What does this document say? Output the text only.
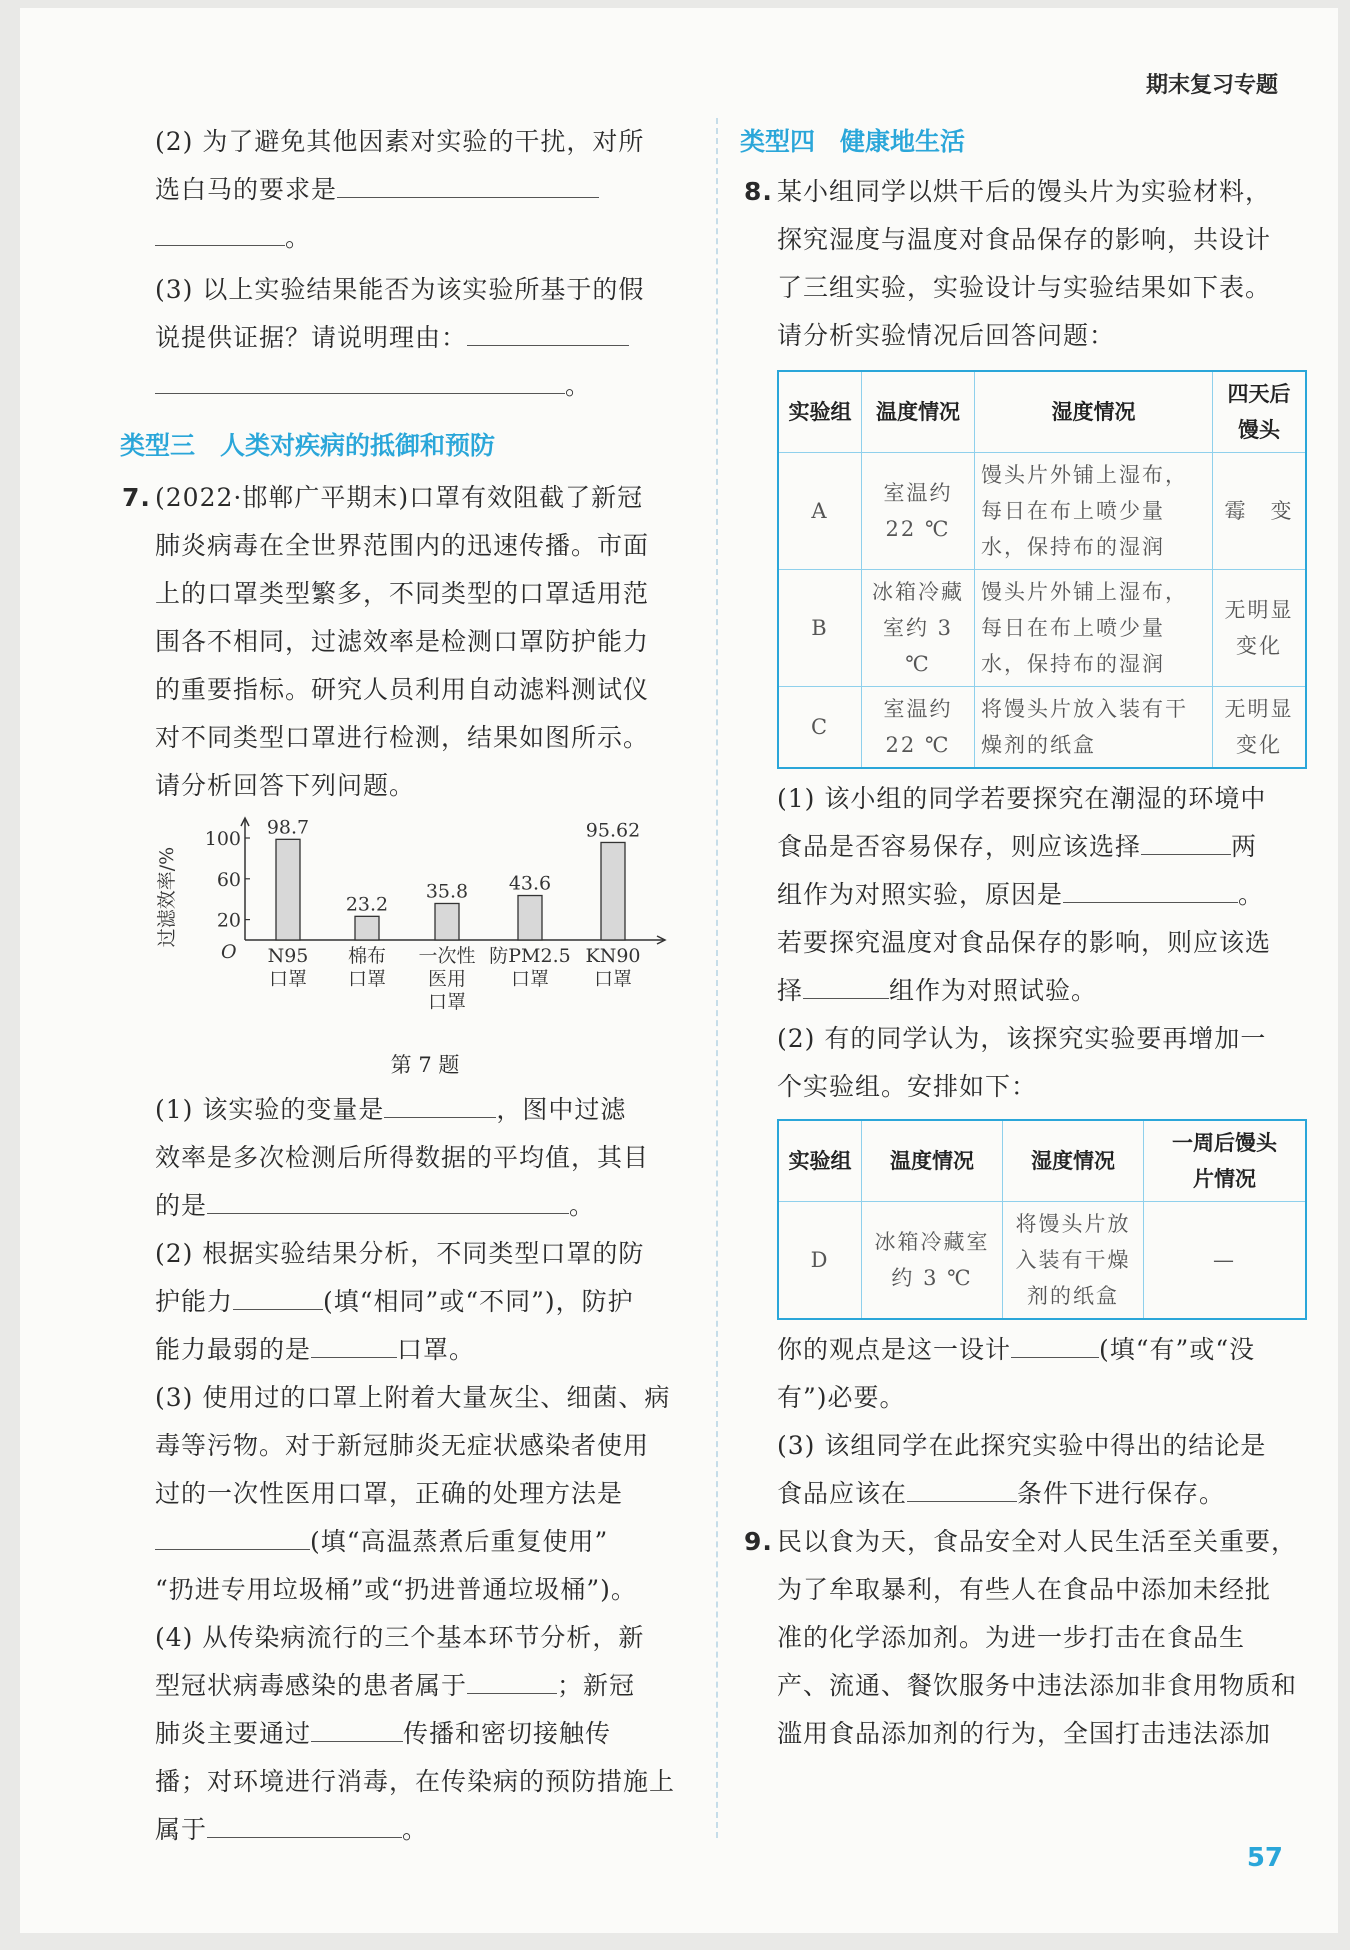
期末复习专题

(2) 为了避免其他因素对实验的干扰，对所

选白马的要求是

。

(3) 以上实验结果能否为该实验所基于的假

说提供证据？请说明理由：

。

类型三　人类对疾病的抵御和预防

7. (2022·邯郸广平期末)口罩有效阻截了新冠

肺炎病毒在全世界范围内的迅速传播。市面

上的口罩类型繁多，不同类型的口罩适用范

围各不相同，过滤效率是检测口罩防护能力

的重要指标。研究人员利用自动滤料测试仪

对不同类型口罩进行检测，结果如图所示。

请分析回答下列问题。

过滤效率/%
O
20
60
100
98.7
N95
口罩
23.2
棉布
口罩
35.8
一次性
医用
口罩
43.6
防PM2.5
口罩
95.62
KN90
口罩

第 7 题

(1) 该实验的变量是	，图中过滤

效率是多次检测后所得数据的平均值，其目

的是	。

(2) 根据实验结果分析，不同类型口罩的防

护能力	(填“相同”或“不同”)，防护

能力最弱的是	口罩。

(3) 使用过的口罩上附着大量灰尘、细菌、病

毒等污物。对于新冠肺炎无症状感染者使用

过的一次性医用口罩，正确的处理方法是

(填“高温蒸煮后重复使用”

“扔进专用垃圾桶”或“扔进普通垃圾桶”)。

(4) 从传染病流行的三个基本环节分析，新

型冠状病毒感染的患者属于	；新冠

肺炎主要通过	传播和密切接触传

播；对环境进行消毒，在传染病的预防措施上

属于	。

类型四　健康地生活

8. 某小组同学以烘干后的馒头片为实验材料，

探究湿度与温度对食品保存的影响，共设计

了三组实验，实验设计与实验结果如下表。

请分析实验情况后回答问题：

实验组	温度情况	湿度情况	四天后
馒头
A	室温约
22 ℃	馒头片外铺上湿布，
每日在布上喷少量
水，保持布的湿润	霉　变
B	冰箱冷藏
室约 3 ℃	馒头片外铺上湿布，
每日在布上喷少量
水，保持布的湿润	无明显
变化
C	室温约
22 ℃	将馒头片放入装有干
燥剂的纸盒	无明显
变化

(1) 该小组的同学若要探究在潮湿的环境中

食品是否容易保存，则应该选择	两

组作为对照实验，原因是	。

若要探究温度对食品保存的影响，则应该选

择	组作为对照试验。

(2) 有的同学认为，该探究实验要再增加一

个实验组。安排如下：

实验组	温度情况	湿度情况	一周后馒头
片情况
D	冰箱冷藏室
约 3 ℃	将馒头片放
入装有干燥
剂的纸盒	—

你的观点是这一设计	(填“有”或“没

有”)必要。

(3) 该组同学在此探究实验中得出的结论是

食品应该在	条件下进行保存。

9. 民以食为天，食品安全对人民生活至关重要，

为了牟取暴利，有些人在食品中添加未经批

准的化学添加剂。为进一步打击在食品生

产、流通、餐饮服务中违法添加非食用物质和

滥用食品添加剂的行为，全国打击违法添加

57
